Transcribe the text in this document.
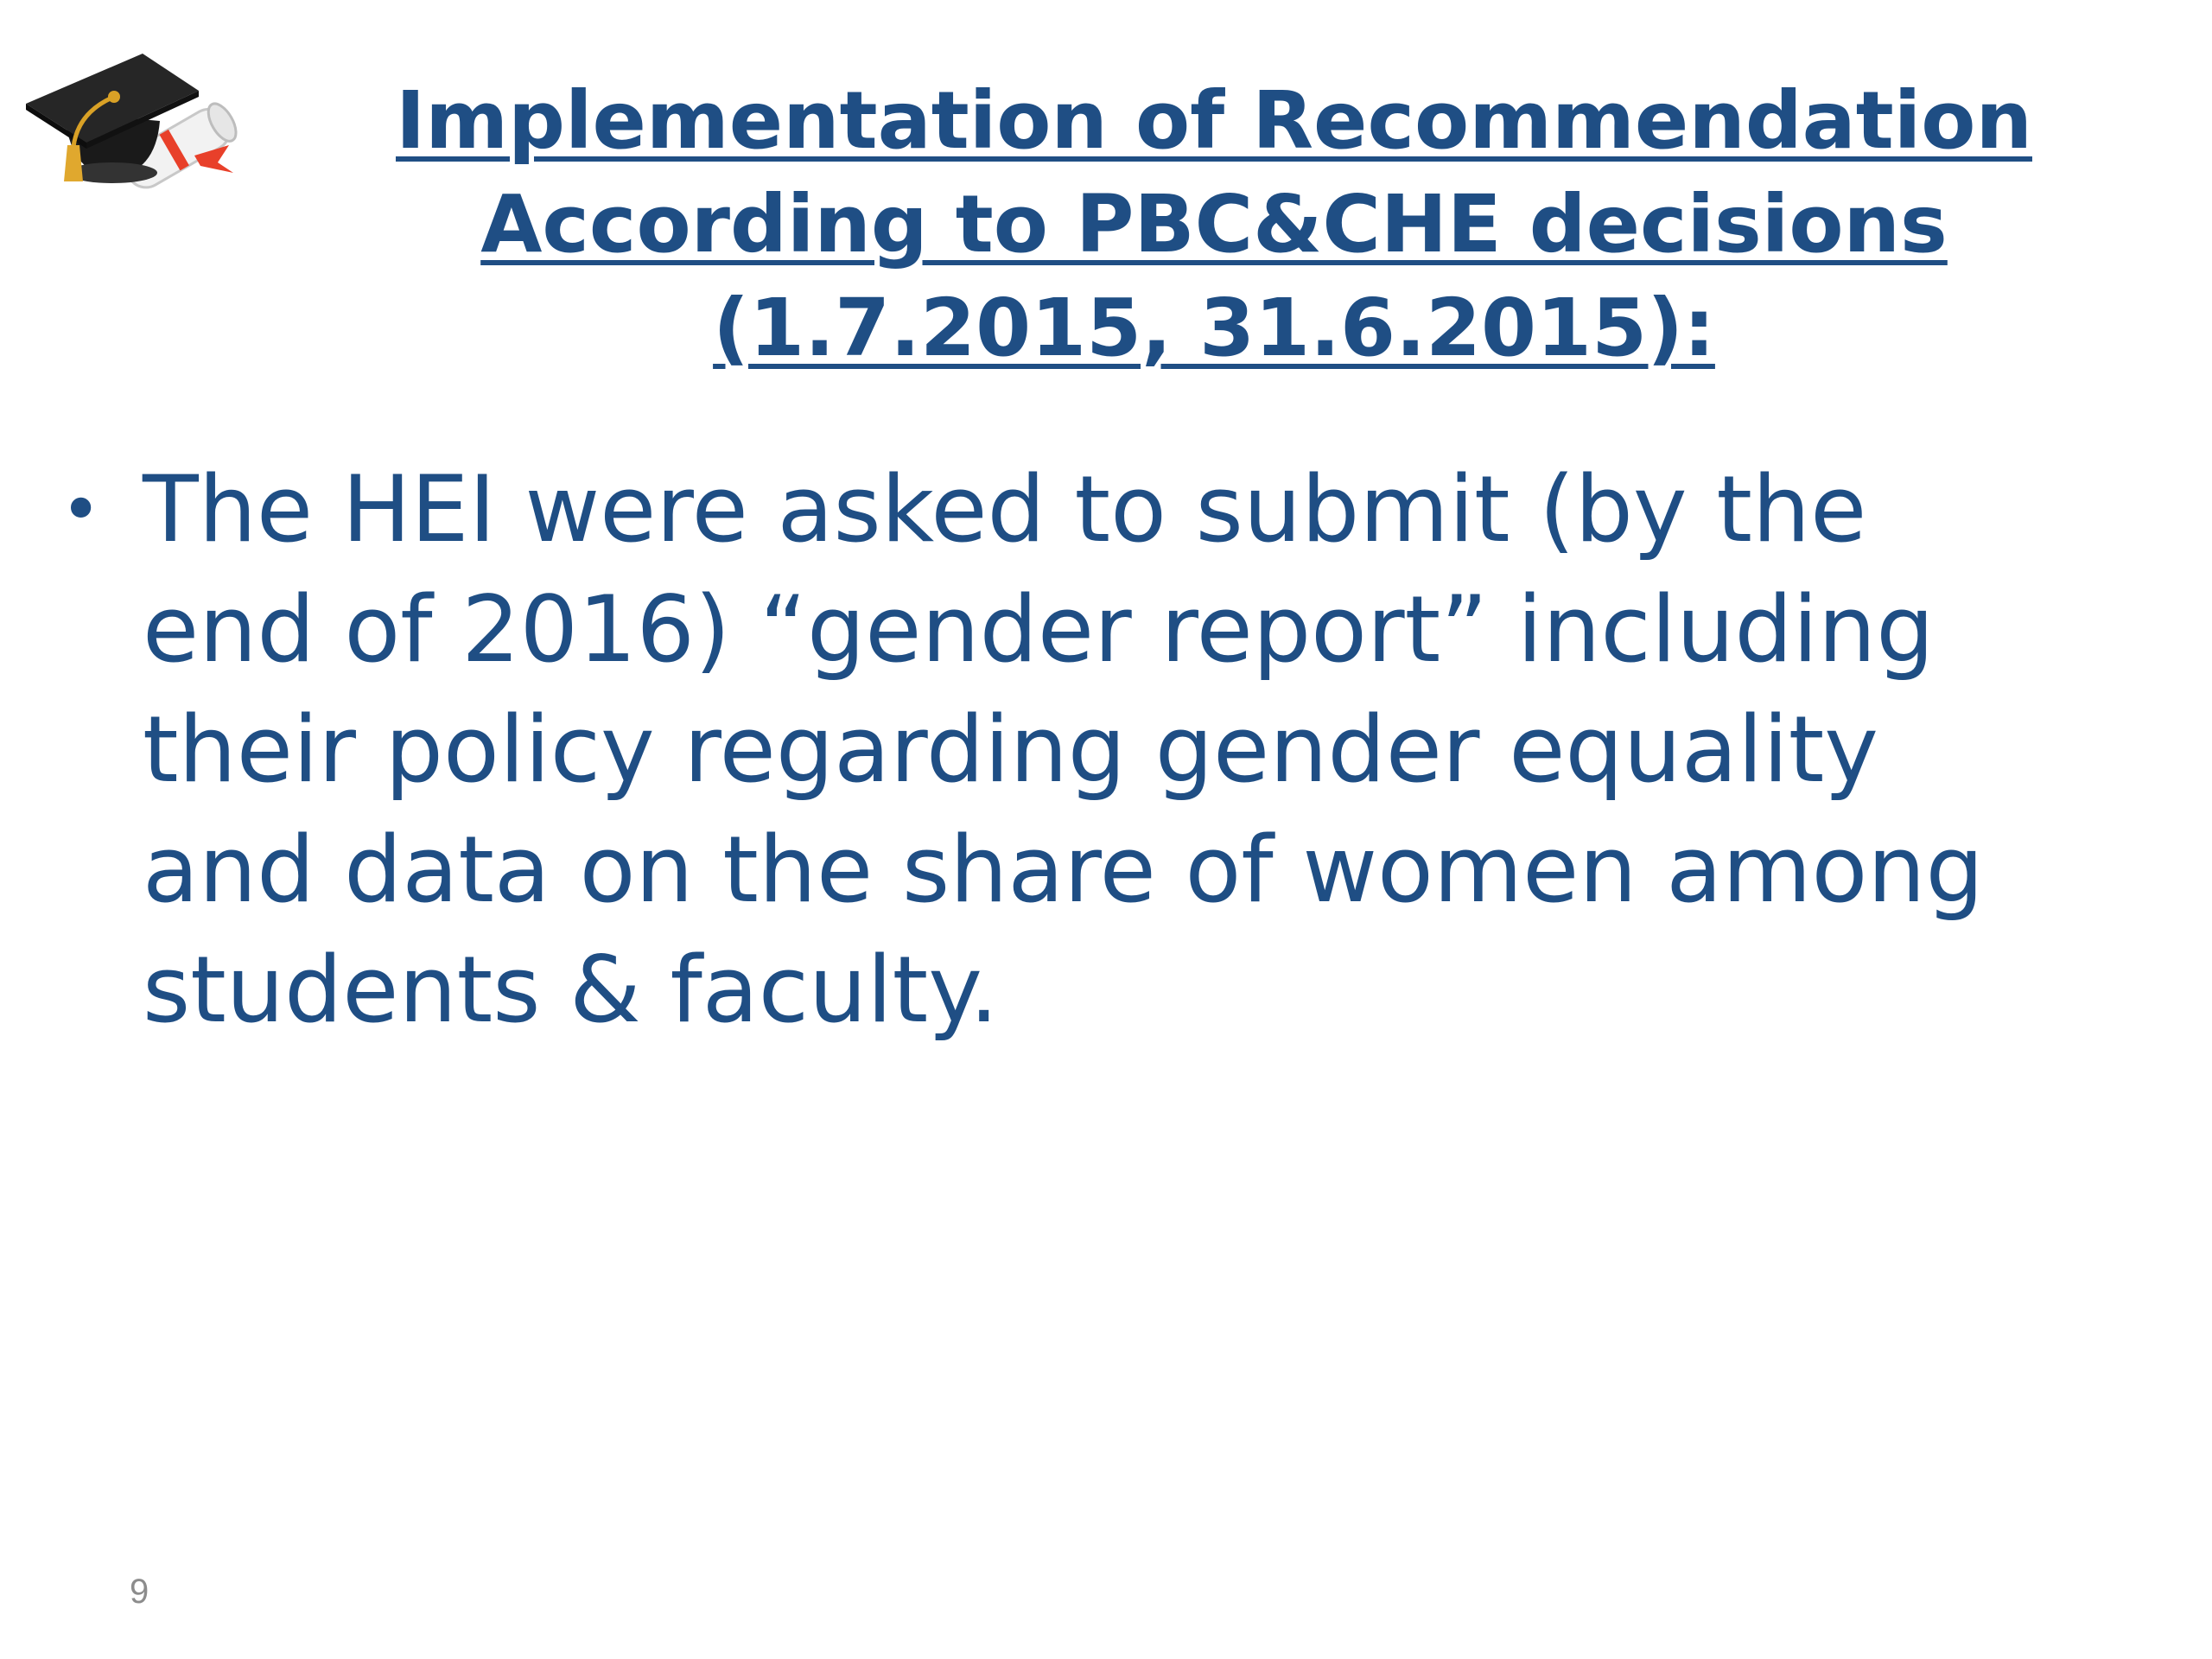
Implementation of Recommendation
According to PBC&CHE decisions
(1.7.2015, 31.6.2015):
• The HEI were asked to submit (by the
end of 2016) “gender report” including
their policy regarding gender equality
and data on the share of women among
students & faculty.
9
